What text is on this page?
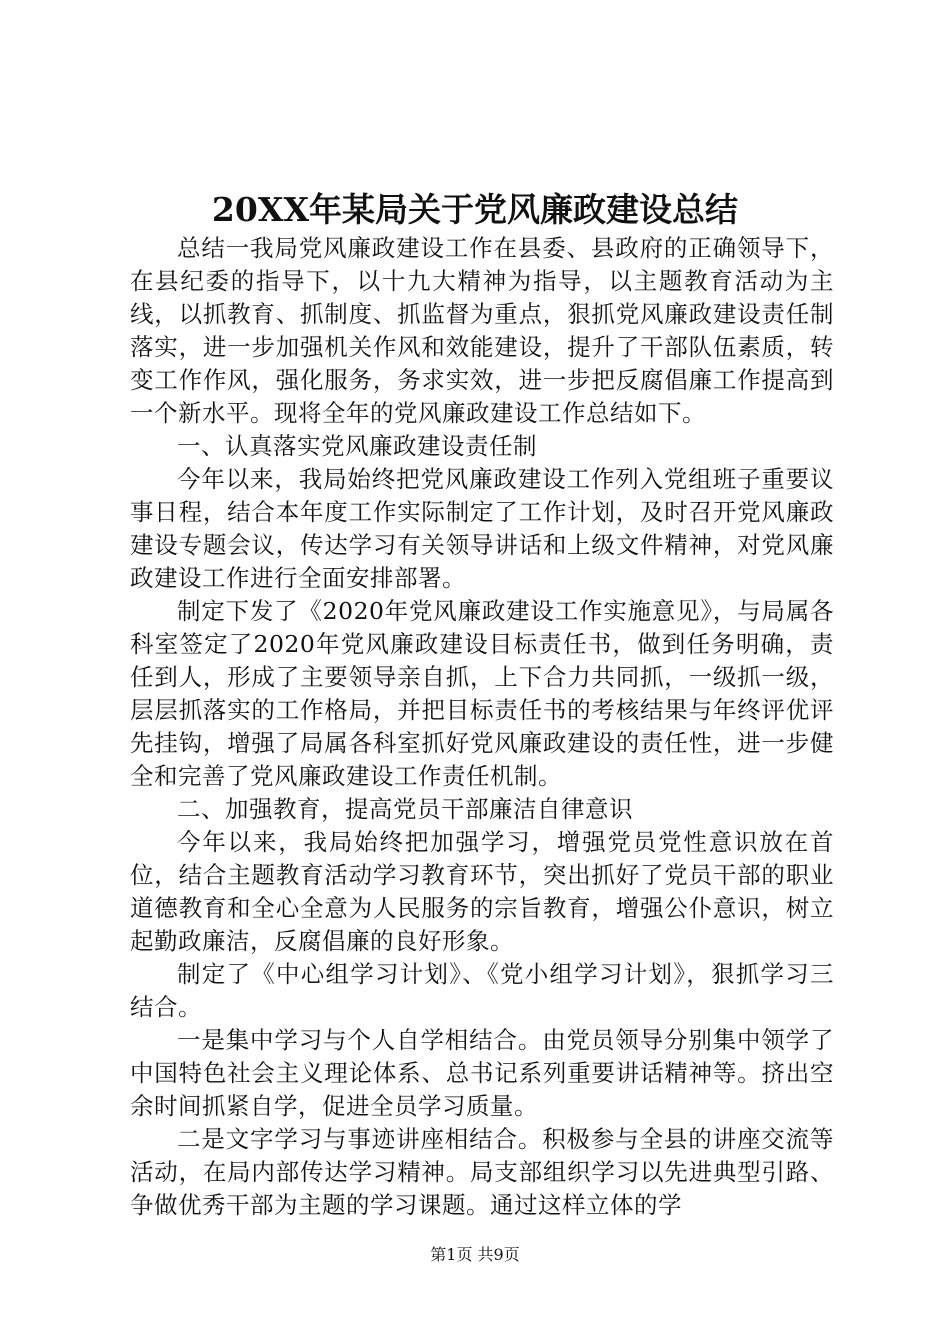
20XX年某局关于党风廉政建设总结

总结一我局党风廉政建设工作在县委、县政府的正确领导下，在县纪委的指导下，以十九大精神为指导，以主题教育活动为主线，以抓教育、抓制度、抓监督为重点，狠抓党风廉政建设责任制落实，进一步加强机关作风和效能建设，提升了干部队伍素质，转变工作作风，强化服务，务求实效，进一步把反腐倡廉工作提高到一个新水平。现将全年的党风廉政建设工作总结如下。

一、认真落实党风廉政建设责任制

今年以来，我局始终把党风廉政建设工作列入党组班子重要议事日程，结合本年度工作实际制定了工作计划，及时召开党风廉政建设专题会议，传达学习有关领导讲话和上级文件精神，对党风廉政建设工作进行全面安排部署。

制定下发了《2020年党风廉政建设工作实施意见》，与局属各科室签定了2020年党风廉政建设目标责任书，做到任务明确，责任到人，形成了主要领导亲自抓，上下合力共同抓，一级抓一级，层层抓落实的工作格局，并把目标责任书的考核结果与年终评优评先挂钩，增强了局属各科室抓好党风廉政建设的责任性，进一步健全和完善了党风廉政建设工作责任机制。

二、加强教育，提高党员干部廉洁自律意识

今年以来，我局始终把加强学习，增强党员党性意识放在首位，结合主题教育活动学习教育环节，突出抓好了党员干部的职业道德教育和全心全意为人民服务的宗旨教育，增强公仆意识，树立起勤政廉洁，反腐倡廉的良好形象。

制定了《中心组学习计划》、《党小组学习计划》，狠抓学习三结合。

一是集中学习与个人自学相结合。由党员领导分别集中领学了中国特色社会主义理论体系、总书记系列重要讲话精神等。挤出空余时间抓紧自学，促进全员学习质量。

二是文字学习与事迹讲座相结合。积极参与全县的讲座交流等活动，在局内部传达学习精神。局支部组织学习以先进典型引路、争做优秀干部为主题的学习课题。通过这样立体的学

第1页 共9页
